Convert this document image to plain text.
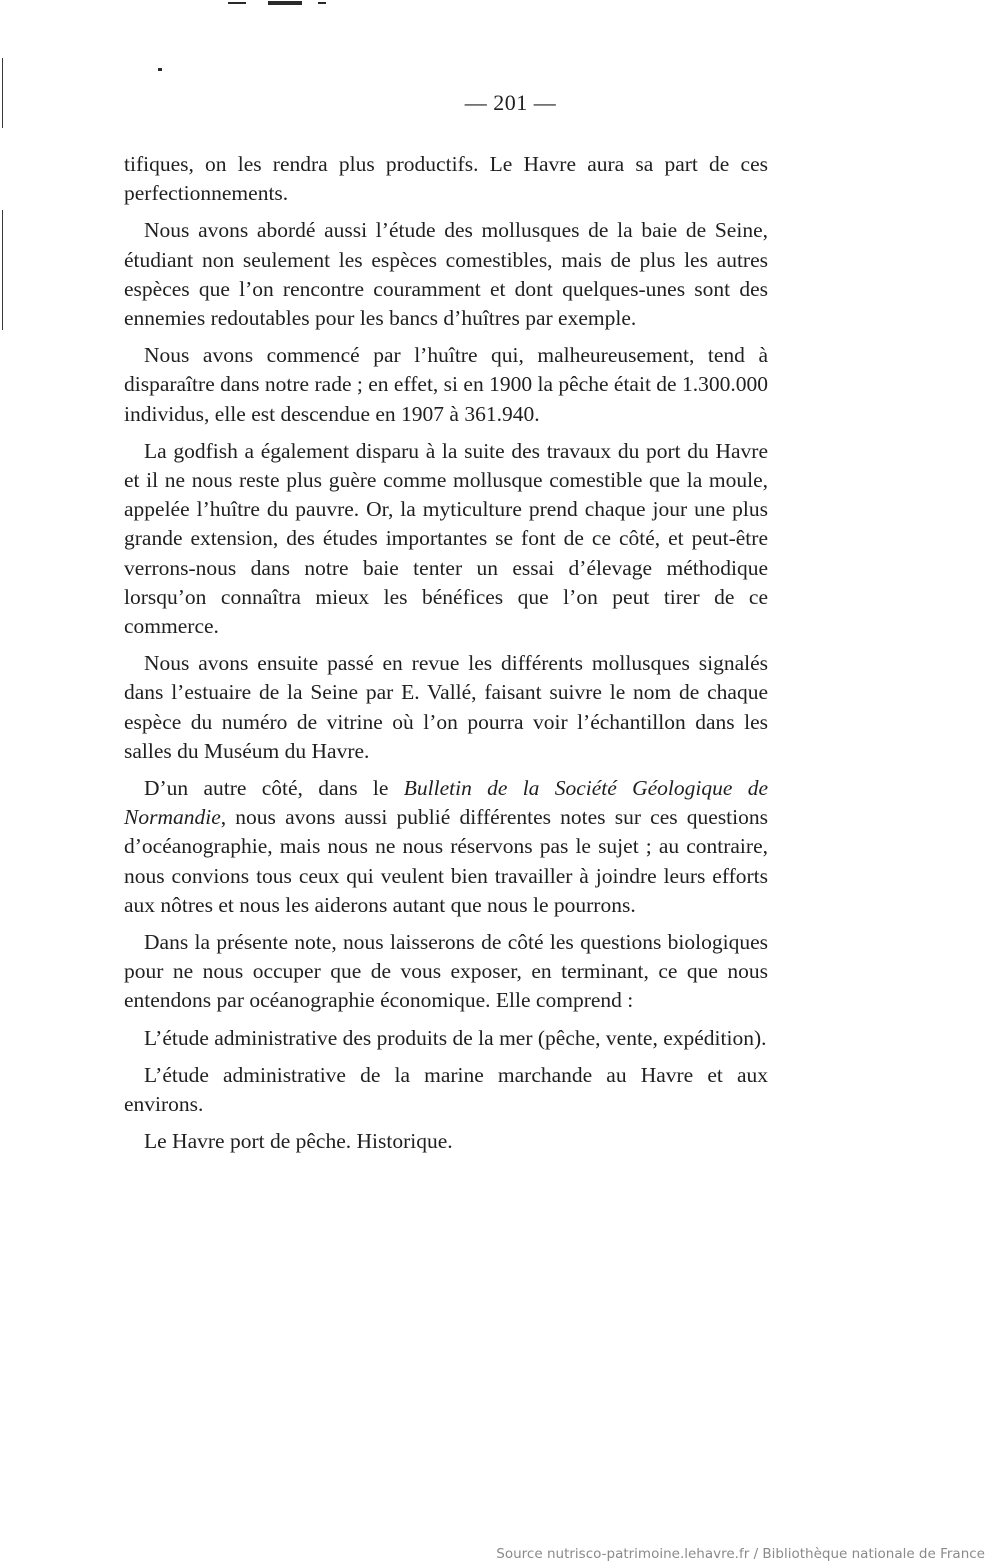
— 201 —

tifiques, on les rendra plus productifs. Le Havre aura sa part de ces perfectionnements.

Nous avons abordé aussi l’étude des mollusques de la baie de Seine, étudiant non seulement les espèces comestibles, mais de plus les autres espèces que l’on rencontre couramment et dont quelques-unes sont des ennemies redoutables pour les bancs d’huîtres par exemple.

Nous avons commencé par l’huître qui, malheureusement, tend à disparaître dans notre rade ; en effet, si en 1900 la pêche était de 1.300.000 individus, elle est descendue en 1907 à 361.940.

La godfish a également disparu à la suite des travaux du port du Havre et il ne nous reste plus guère comme mollusque comestible que la moule, appelée l’huître du pauvre. Or, la myticulture prend chaque jour une plus grande extension, des études importantes se font de ce côté, et peut-être verrons-nous dans notre baie tenter un essai d’élevage méthodique lorsqu’on connaîtra mieux les bénéfices que l’on peut tirer de ce commerce.

Nous avons ensuite passé en revue les différents mollusques signalés dans l’estuaire de la Seine par E. Vallé, faisant suivre le nom de chaque espèce du numéro de vitrine où l’on pourra voir l’échantillon dans les salles du Muséum du Havre.

D’un autre côté, dans le Bulletin de la Société Géologique de Normandie, nous avons aussi publié différentes notes sur ces questions d’océanographie, mais nous ne nous réservons pas le sujet ; au contraire, nous convions tous ceux qui veulent bien travailler à joindre leurs efforts aux nôtres et nous les aiderons autant que nous le pourrons.

Dans la présente note, nous laisserons de côté les questions biologiques pour ne nous occuper que de vous exposer, en terminant, ce que nous entendons par océanographie économique. Elle comprend :

L’étude administrative des produits de la mer (pêche, vente, expédition).

L’étude administrative de la marine marchande au Havre et aux environs.

Le Havre port de pêche. Historique.

Source nutrisco-patrimoine.lehavre.fr / Bibliothèque nationale de France
